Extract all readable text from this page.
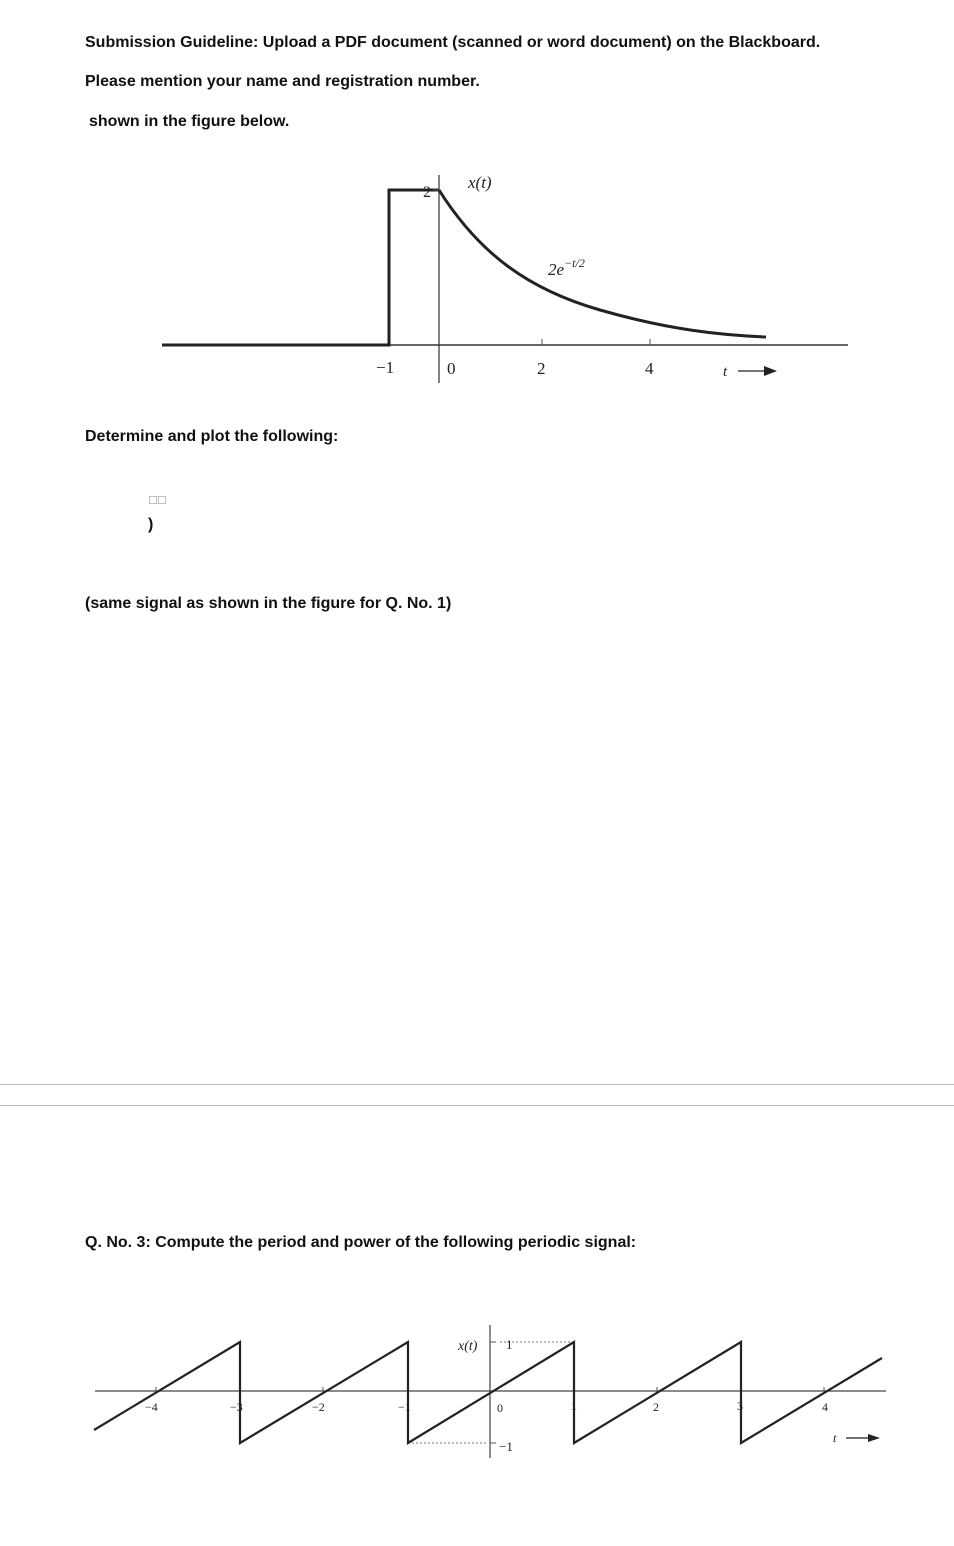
Submission Guideline: Upload a PDF document (scanned or word document) on the Blackboard.
Please mention your name and registration number.
shown in the figure below.
x(t)
2
$2e^{-t/2}$
−1	0	2	4	t
Determine and plot the following:
□□
)
(same signal as shown in the figure for Q. No. 1)
Q. No. 3: Compute the period and power of the following periodic signal:
x(t) 1
−1
−4	−3	−2	−1	0	1	2	3	4
t
